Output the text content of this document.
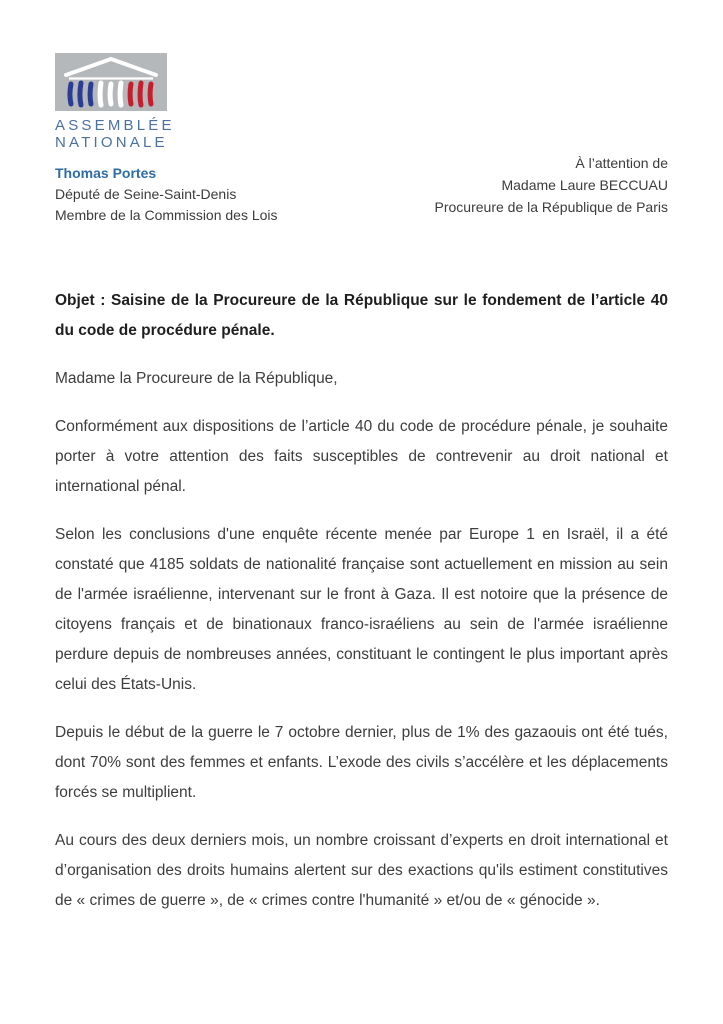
ASSEMBLÉE
NATIONALE
Thomas Portes
Député de Seine-Saint-Denis
Membre de la Commission des Lois
À l’attention de
Madame Laure BECCUAU
Procureure de la République de Paris

Objet : Saisine de la Procureure de la République sur le fondement de l’article 40 du code de procédure pénale.

Madame la Procureure de la République,

Conformément aux dispositions de l’article 40 du code de procédure pénale, je souhaite porter à votre attention des faits susceptibles de contrevenir au droit national et international pénal.

Selon les conclusions d'une enquête récente menée par Europe 1 en Israël, il a été constaté que 4185 soldats de nationalité française sont actuellement en mission au sein de l'armée israélienne, intervenant sur le front à Gaza. Il est notoire que la présence de citoyens français et de binationaux franco-israéliens au sein de l'armée israélienne perdure depuis de nombreuses années, constituant le contingent le plus important après celui des États-Unis.

Depuis le début de la guerre le 7 octobre dernier, plus de 1% des gazaouis ont été tués, dont 70% sont des femmes et enfants. L’exode des civils s’accélère et les déplacements forcés se multiplient.

Au cours des deux derniers mois, un nombre croissant d’experts en droit international et d’organisation des droits humains alertent sur des exactions qu'ils estiment constitutives de « crimes de guerre », de « crimes contre l'humanité » et/ou de « génocide ».
